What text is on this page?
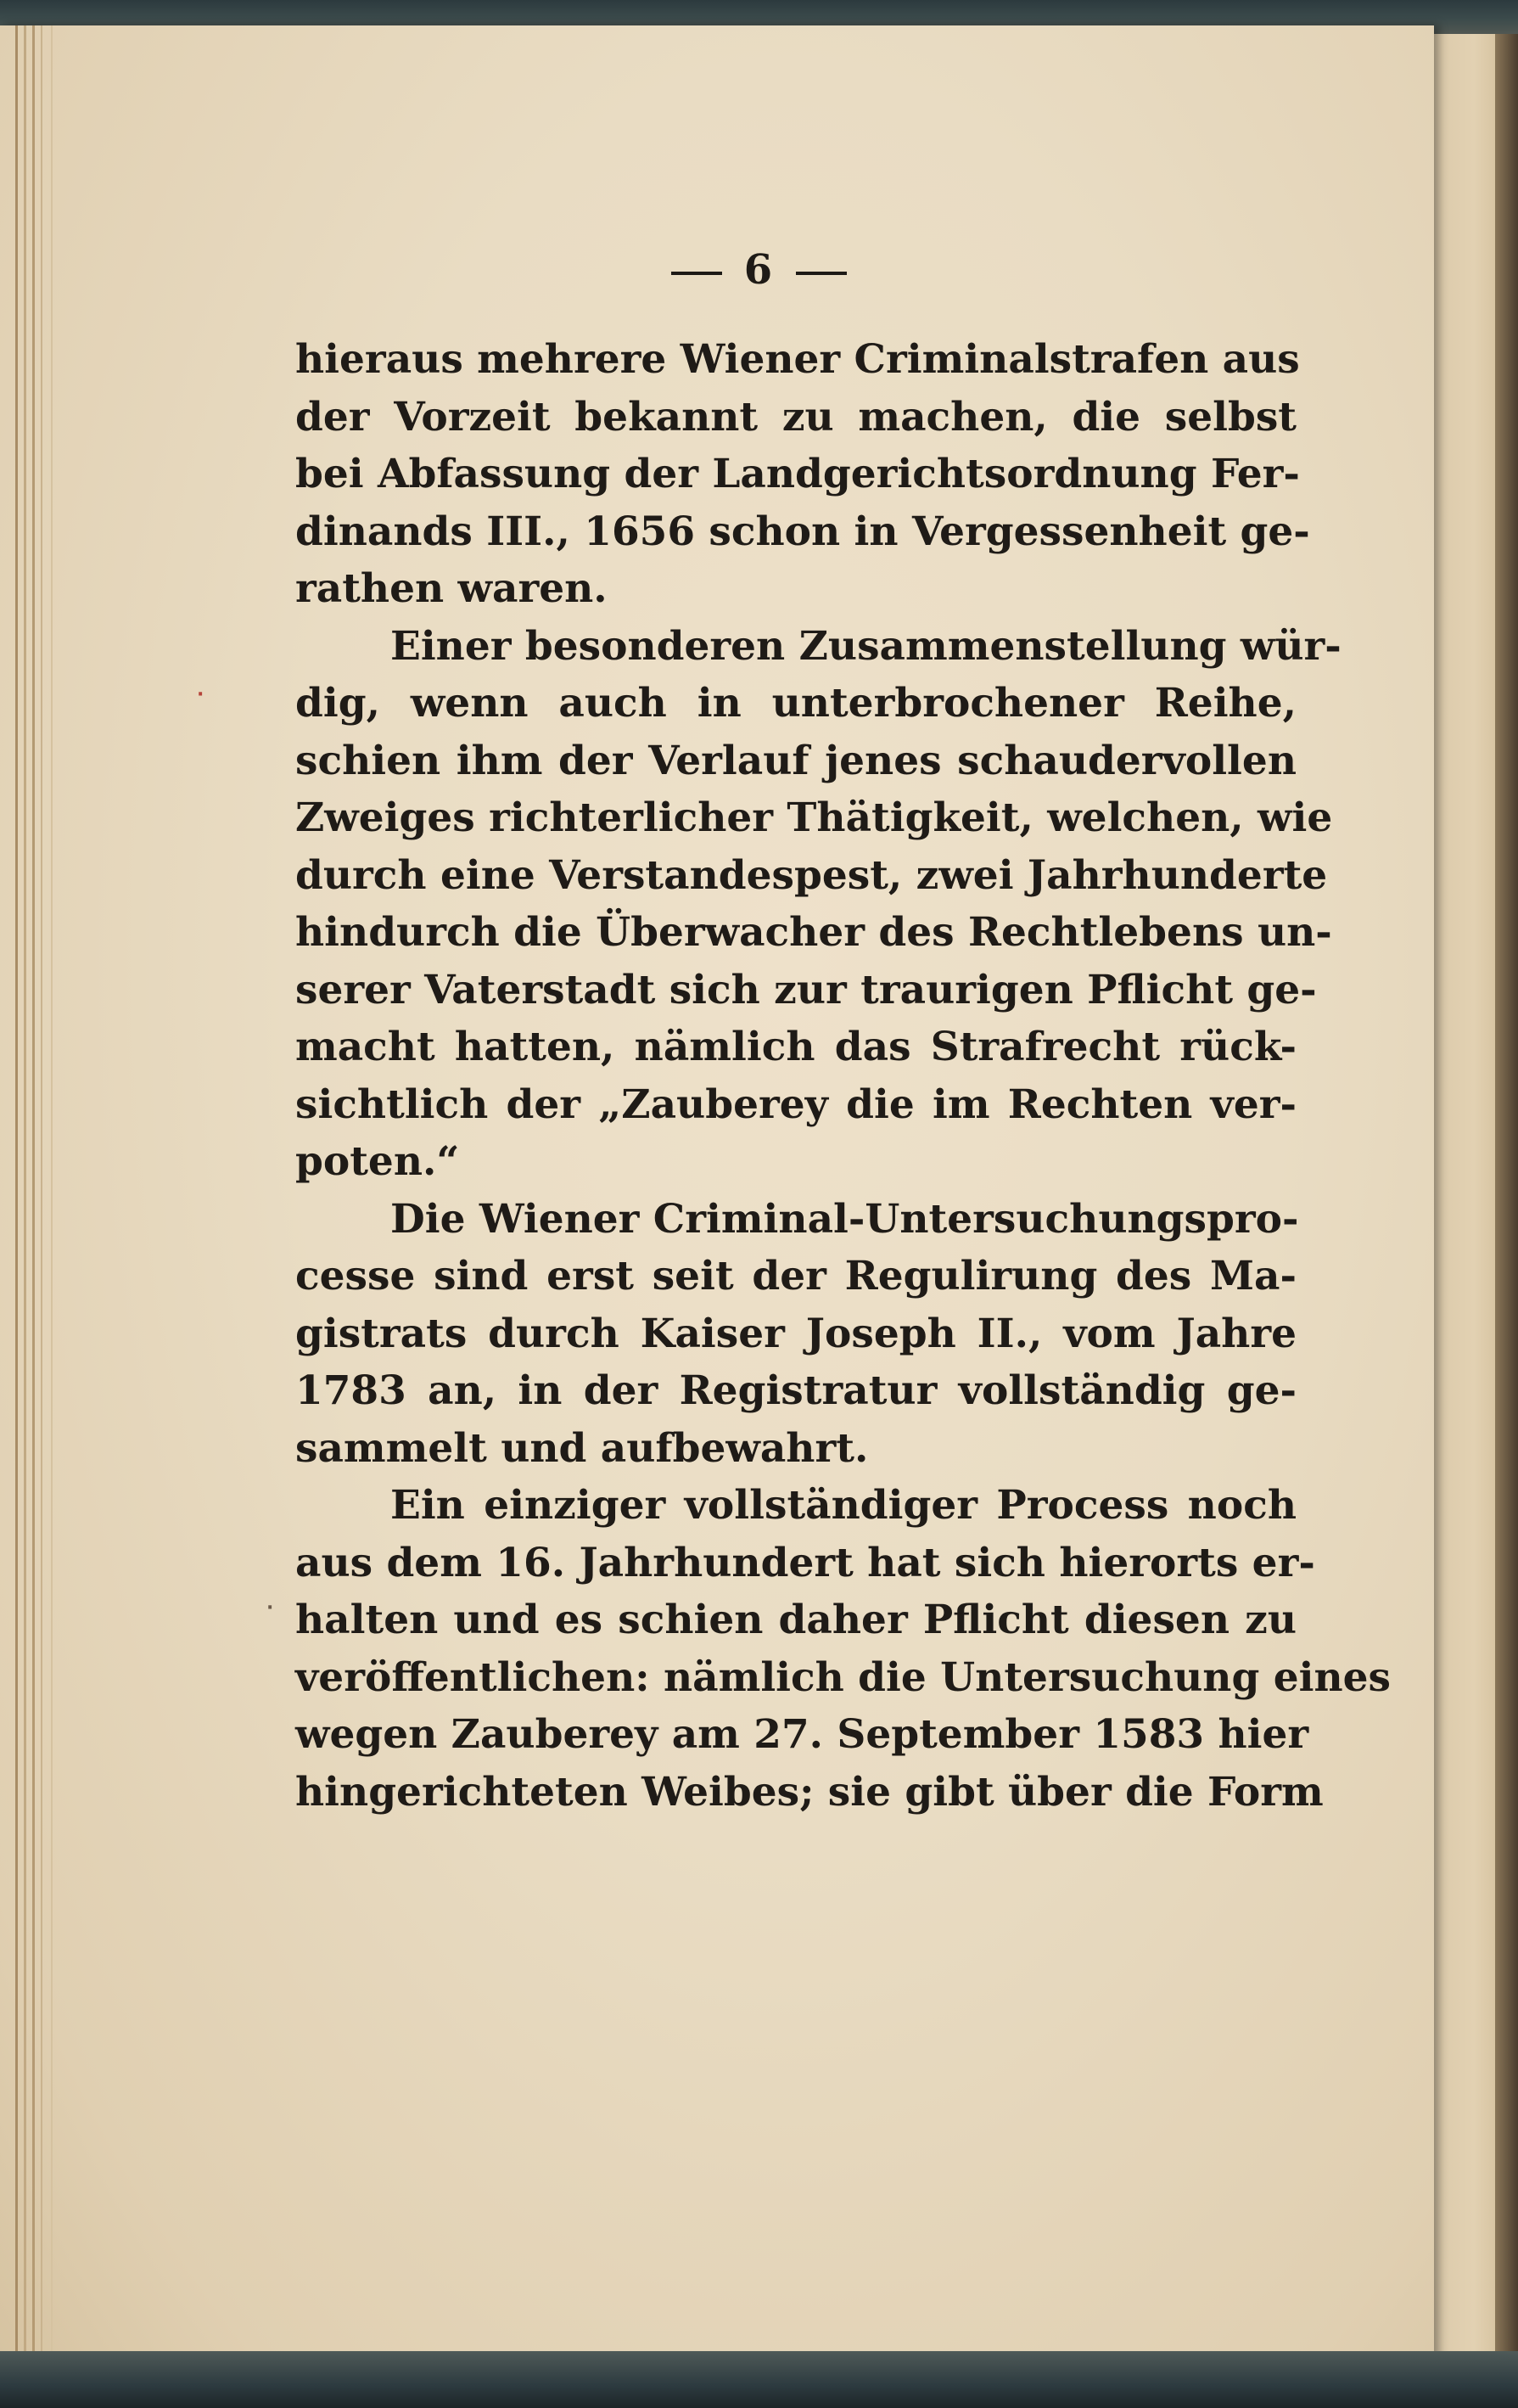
6
hieraus mehrere Wiener Criminalstrafen aus
der Vorzeit bekannt zu machen, die selbst
bei Abfassung der Landgerichtsordnung Fer-
dinands III., 1656 schon in Vergessenheit ge-
rathen waren.
Einer besonderen Zusammenstellung wür-
dig, wenn auch in unterbrochener Reihe,
schien ihm der Verlauf jenes schaudervollen
Zweiges richterlicher Thätigkeit, welchen, wie
durch eine Verstandespest, zwei Jahrhunderte
hindurch die Überwacher des Rechtlebens un-
serer Vaterstadt sich zur traurigen Pflicht ge-
macht hatten, nämlich das Strafrecht rück-
sichtlich der „Zauberey die im Rechten ver-
poten.“
Die Wiener Criminal-Untersuchungspro-
cesse sind erst seit der Regulirung des Ma-
gistrats durch Kaiser Joseph II., vom Jahre
1783 an, in der Registratur vollständig ge-
sammelt und aufbewahrt.
Ein einziger vollständiger Process noch
aus dem 16. Jahrhundert hat sich hierorts er-
halten und es schien daher Pflicht diesen zu
veröffentlichen: nämlich die Untersuchung eines
wegen Zauberey am 27. September 1583 hier
hingerichteten Weibes; sie gibt über die Form
·
·
